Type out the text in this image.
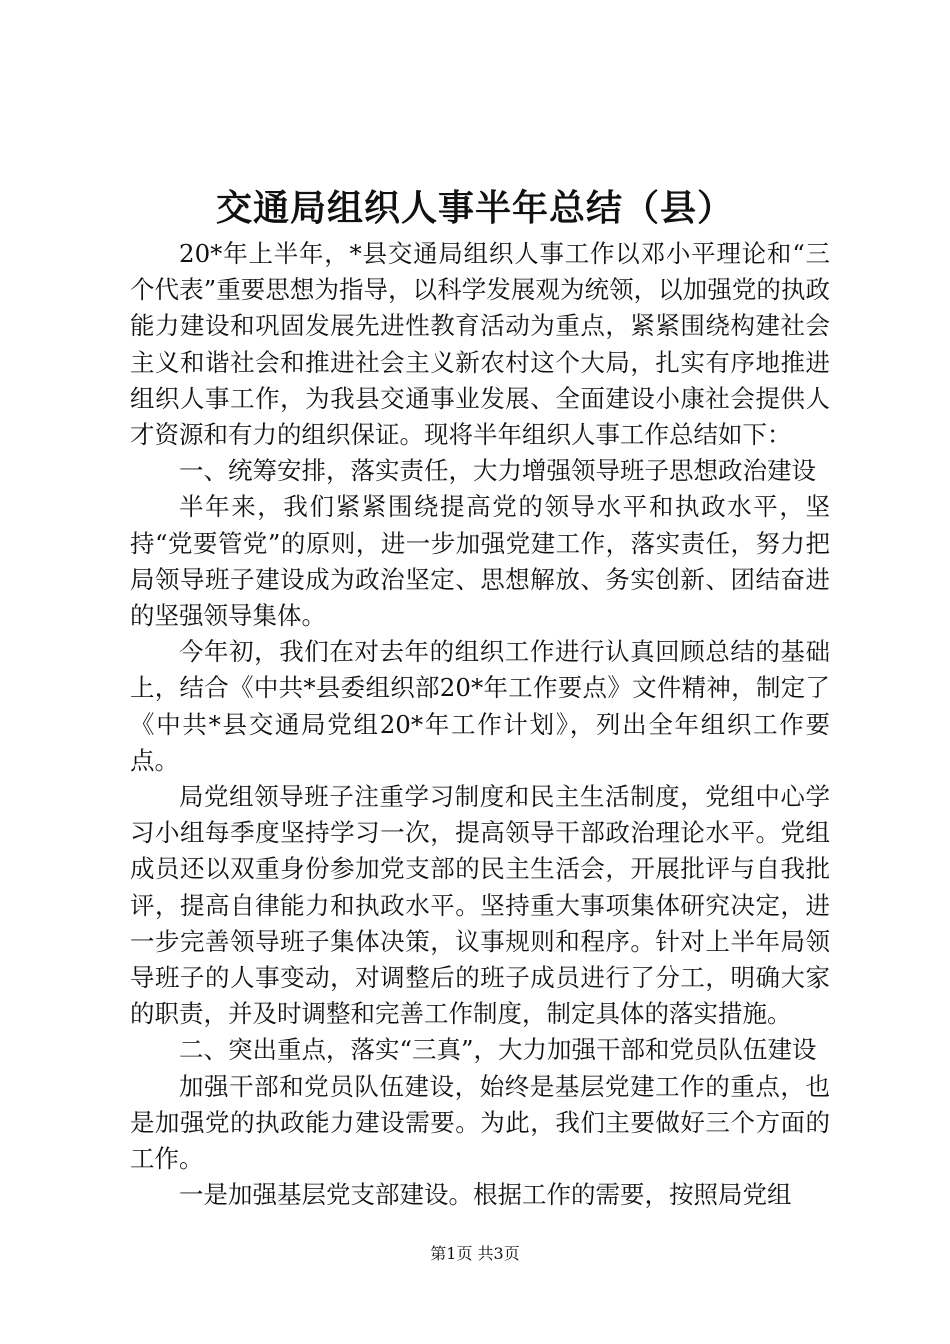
交通局组织人事半年总结（县）

20*年上半年，*县交通局组织人事工作以邓小平理论和“三个代表”重要思想为指导，以科学发展观为统领，以加强党的执政能力建设和巩固发展先进性教育活动为重点，紧紧围绕构建社会主义和谐社会和推进社会主义新农村这个大局，扎实有序地推进组织人事工作，为我县交通事业发展、全面建设小康社会提供人才资源和有力的组织保证。现将半年组织人事工作总结如下：

一、统筹安排，落实责任，大力增强领导班子思想政治建设

半年来，我们紧紧围绕提高党的领导水平和执政水平，坚持“党要管党”的原则，进一步加强党建工作，落实责任，努力把局领导班子建设成为政治坚定、思想解放、务实创新、团结奋进的坚强领导集体。

今年初，我们在对去年的组织工作进行认真回顾总结的基础上，结合《中共*县委组织部20*年工作要点》文件精神，制定了《中共*县交通局党组20*年工作计划》，列出全年组织工作要点。

局党组领导班子注重学习制度和民主生活制度，党组中心学习小组每季度坚持学习一次，提高领导干部政治理论水平。党组成员还以双重身份参加党支部的民主生活会，开展批评与自我批评，提高自律能力和执政水平。坚持重大事项集体研究决定，进一步完善领导班子集体决策，议事规则和程序。针对上半年局领导班子的人事变动，对调整后的班子成员进行了分工，明确大家的职责，并及时调整和完善工作制度，制定具体的落实措施。

二、突出重点，落实“三真”，大力加强干部和党员队伍建设

加强干部和党员队伍建设，始终是基层党建工作的重点，也是加强党的执政能力建设需要。为此，我们主要做好三个方面的工作。

一是加强基层党支部建设。根据工作的需要，按照局党组

第1页 共3页
